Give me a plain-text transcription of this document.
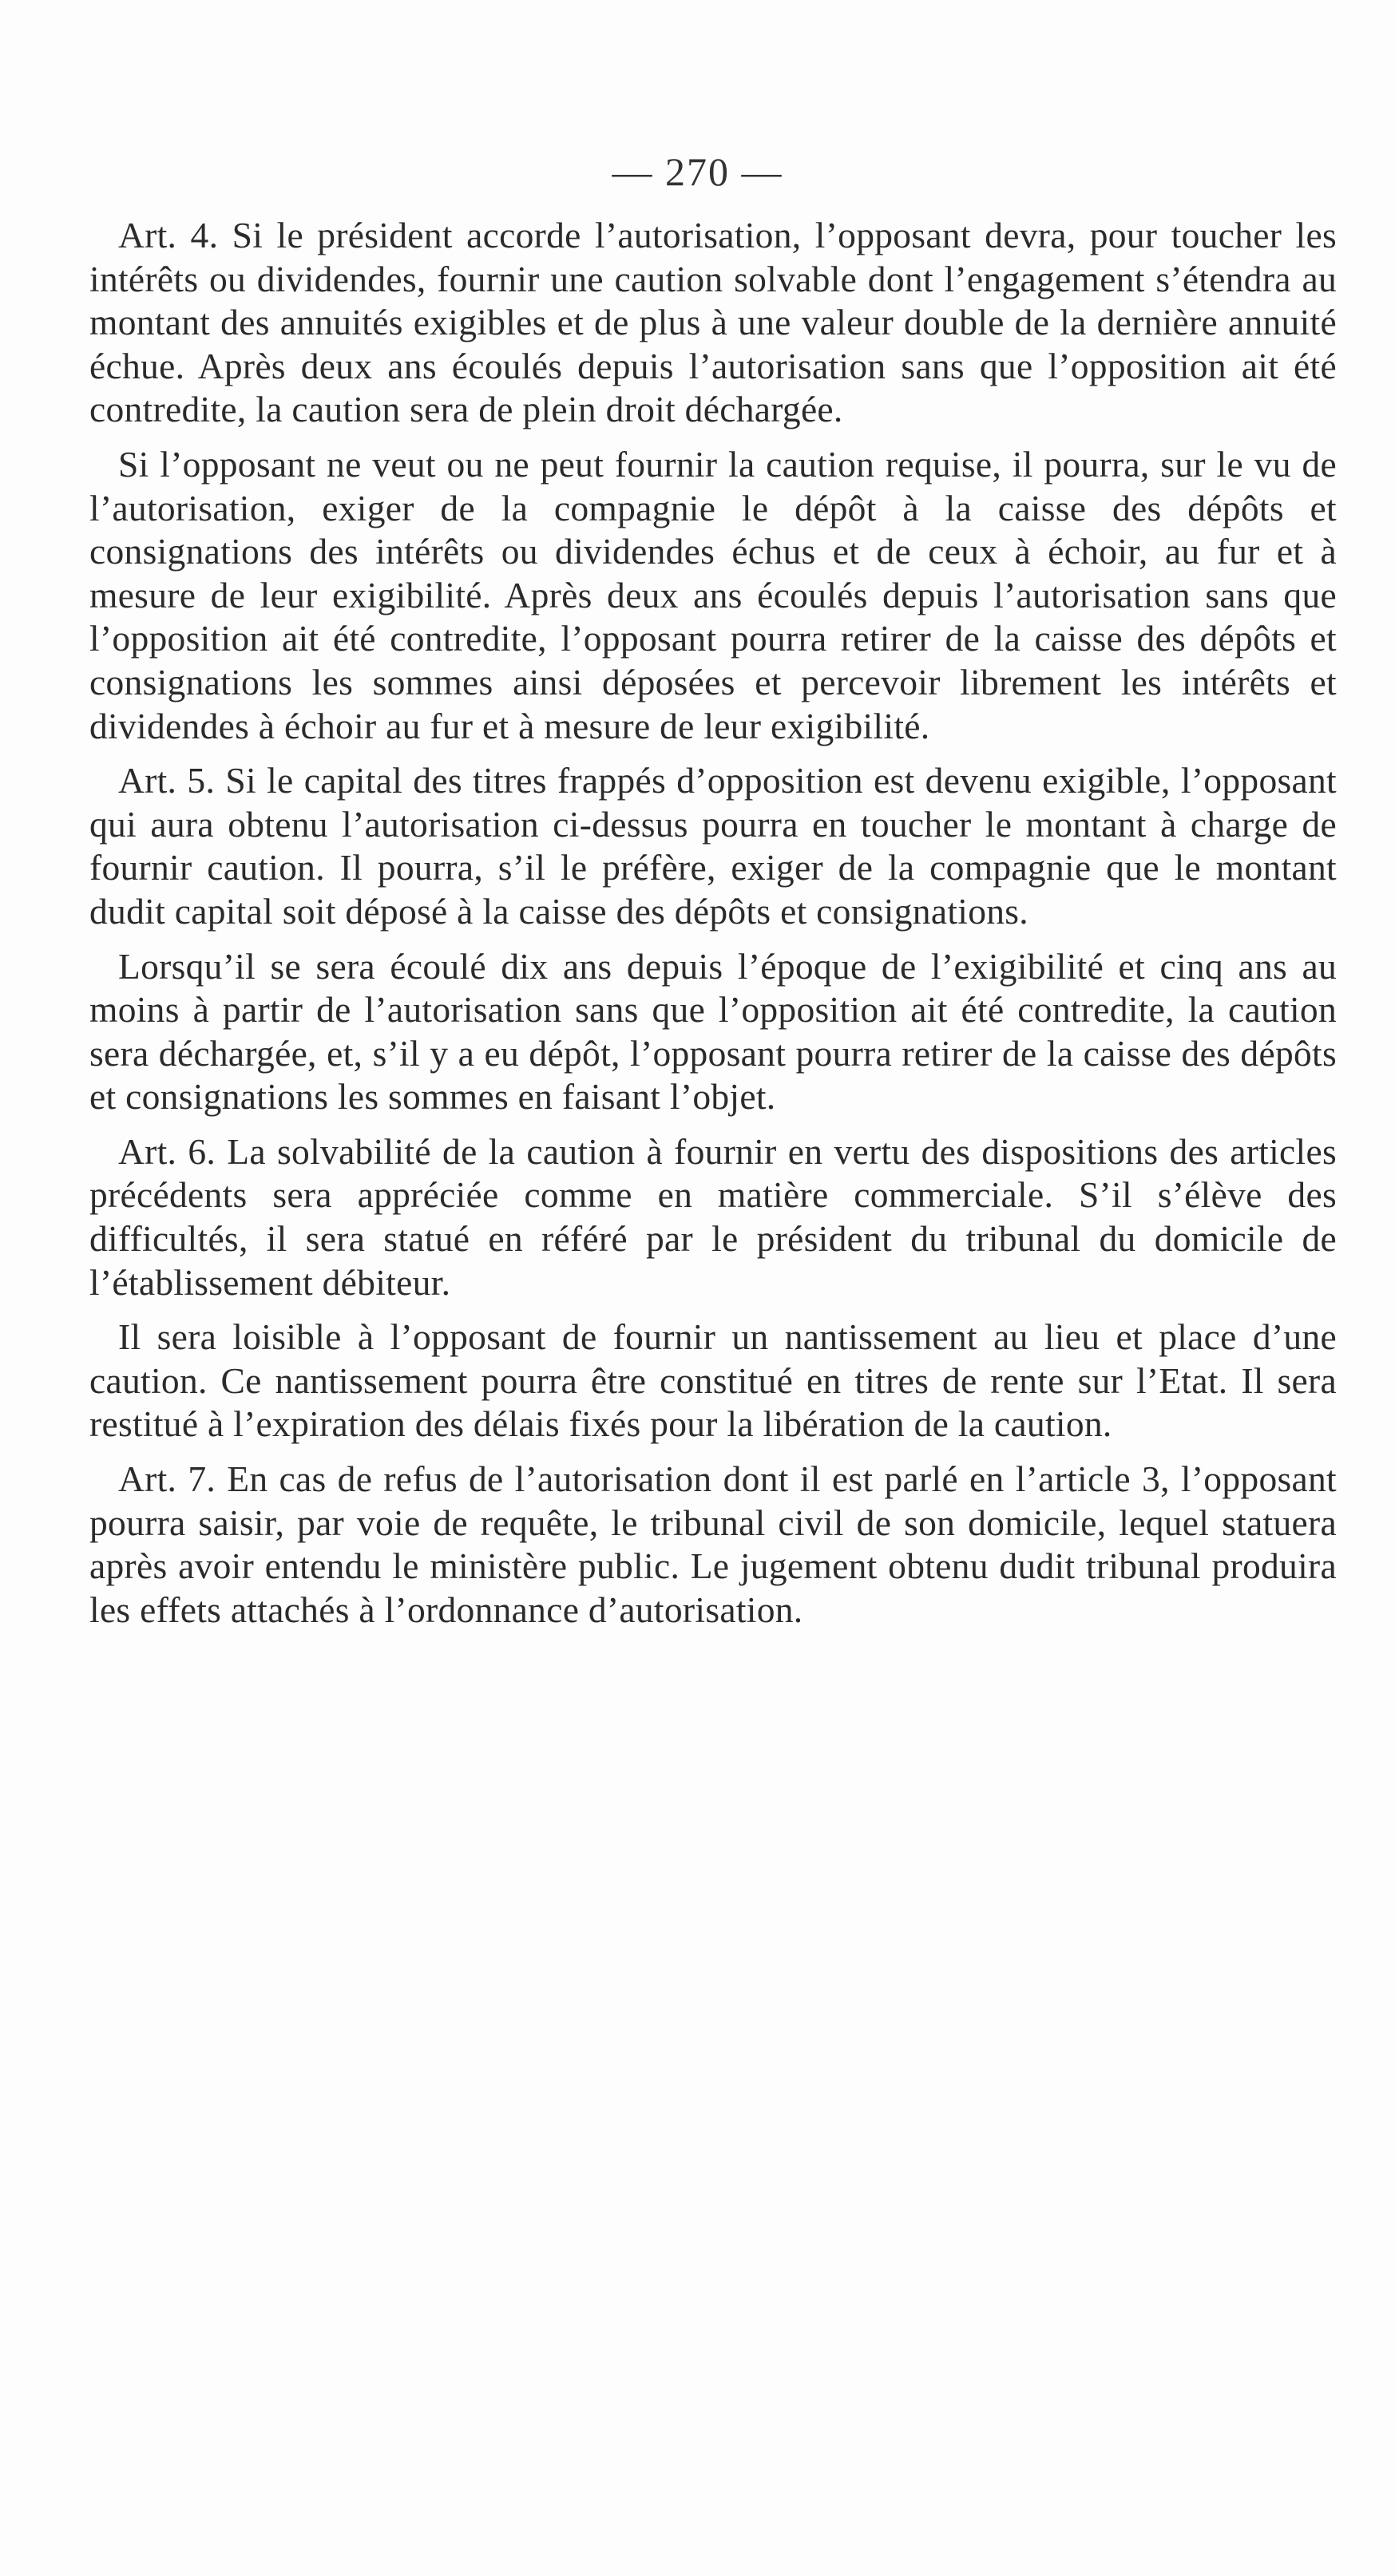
— 270 —

Art. 4. Si le président accorde l’autorisation, l’opposant devra, pour toucher les intérêts ou dividendes, fournir une caution solvable dont l’engagement s’étendra au montant des annuités exigibles et de plus à une valeur double de la dernière annuité échue. Après deux ans écoulés depuis l’autorisation sans que l’opposition ait été contredite, la caution sera de plein droit déchargée.

Si l’opposant ne veut ou ne peut fournir la caution requise, il pourra, sur le vu de l’autorisation, exiger de la compagnie le dépôt à la caisse des dépôts et consignations des intérêts ou dividendes échus et de ceux à échoir, au fur et à mesure de leur exigibilité. Après deux ans écoulés depuis l’autorisation sans que l’opposition ait été contredite, l’opposant pourra retirer de la caisse des dépôts et consignations les sommes ainsi déposées et percevoir librement les intérêts et dividendes à échoir au fur et à mesure de leur exigibilité.

Art. 5. Si le capital des titres frappés d’opposition est devenu exigible, l’opposant qui aura obtenu l’autorisation ci-dessus pourra en toucher le montant à charge de fournir caution. Il pourra, s’il le préfère, exiger de la compagnie que le montant dudit capital soit déposé à la caisse des dépôts et consignations.

Lorsqu’il se sera écoulé dix ans depuis l’époque de l’exigibilité et cinq ans au moins à partir de l’autorisation sans que l’opposition ait été contredite, la caution sera déchargée, et, s’il y a eu dépôt, l’opposant pourra retirer de la caisse des dépôts et consignations les sommes en faisant l’objet.

Art. 6. La solvabilité de la caution à fournir en vertu des dispositions des articles précédents sera appréciée comme en matière commerciale. S’il s’élève des difficultés, il sera statué en référé par le président du tribunal du domicile de l’établissement débiteur.

Il sera loisible à l’opposant de fournir un nantissement au lieu et place d’une caution. Ce nantissement pourra être constitué en titres de rente sur l’Etat. Il sera restitué à l’expiration des délais fixés pour la libération de la caution.

Art. 7. En cas de refus de l’autorisation dont il est parlé en l’article 3, l’opposant pourra saisir, par voie de requête, le tribunal civil de son domicile, lequel statuera après avoir entendu le ministère public. Le jugement obtenu dudit tribunal produira les effets attachés à l’ordonnance d’autorisation.
